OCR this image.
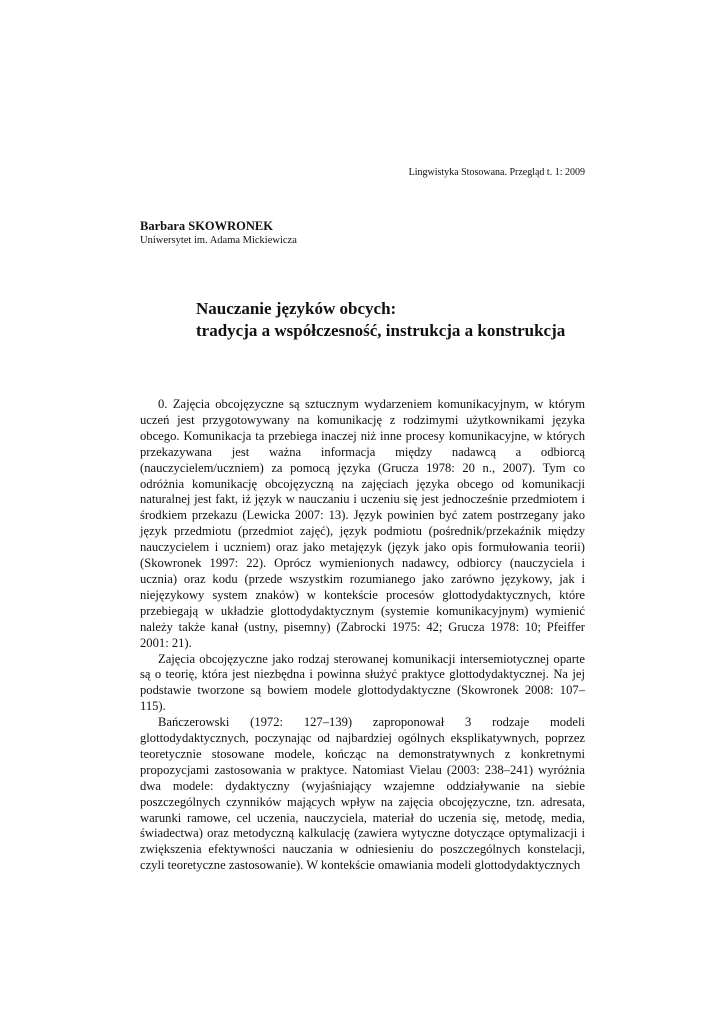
Lingwistyka Stosowana. Przegląd t. 1: 2009
Barbara SKOWRONEK
Uniwersytet im. Adama Mickiewicza
Nauczanie języków obcych:
tradycja a współczesność, instrukcja a konstrukcja

0. Zajęcia obcojęzyczne są sztucznym wydarzeniem komunikacyjnym, w którym uczeń jest przygotowywany na komunikację z rodzimymi użytkownikami języka obcego. Komunikacja ta przebiega inaczej niż inne procesy komunikacyjne, w których przekazywana jest ważna informacja między nadawcą a odbiorcą (nauczycielem/uczniem) za pomocą języka (Grucza 1978: 20 n., 2007). Tym co odróżnia komunikację obcojęzyczną na zajęciach języka obcego od komunikacji naturalnej jest fakt, iż język w nauczaniu i uczeniu się jest jednocześnie przedmiotem i środkiem przekazu (Lewicka 2007: 13). Język powinien być zatem postrzegany jako język przedmiotu (przedmiot zajęć), język podmiotu (pośrednik/przekaźnik między nauczycielem i uczniem) oraz jako metajęzyk (język jako opis formułowania teorii) (Skowronek 1997: 22). Oprócz wymienionych nadawcy, odbiorcy (nauczyciela i ucznia) oraz kodu (przede wszystkim rozumianego jako zarówno językowy, jak i niejęzykowy system znaków) w kontekście procesów glottodydaktycznych, które przebiegają w układzie glottodydaktycznym (systemie komunikacyjnym) wymienić należy także kanał (ustny, pisemny) (Zabrocki 1975: 42; Grucza 1978: 10; Pfeiffer 2001: 21).

Zajęcia obcojęzyczne jako rodzaj sterowanej komunikacji intersemiotycznej oparte są o teorię, która jest niezbędna i powinna służyć praktyce glottodydaktycznej. Na jej podstawie tworzone są bowiem modele glottodydaktyczne (Skowronek 2008: 107–115).

Bańczerowski (1972: 127–139) zaproponował 3 rodzaje modeli glottodydaktycznych, poczynając od najbardziej ogólnych eksplikatywnych, poprzez teoretycznie stosowane modele, kończąc na demonstratywnych z konkretnymi propozycjami zastosowania w praktyce. Natomiast Vielau (2003: 238–241) wyróżnia dwa modele: dydaktyczny (wyjaśniający wzajemne oddziaływanie na siebie poszczególnych czynników mających wpływ na zajęcia obcojęzyczne, tzn. adresata, warunki ramowe, cel uczenia, nauczyciela, materiał do uczenia się, metodę, media, świadectwa) oraz metodyczną kalkulację (zawiera wytyczne dotyczące optymalizacji i zwiększenia efektywności nauczania w odniesieniu do poszczególnych konstelacji, czyli teoretyczne zastosowanie). W kontekście omawiania modeli glottodydaktycznych
